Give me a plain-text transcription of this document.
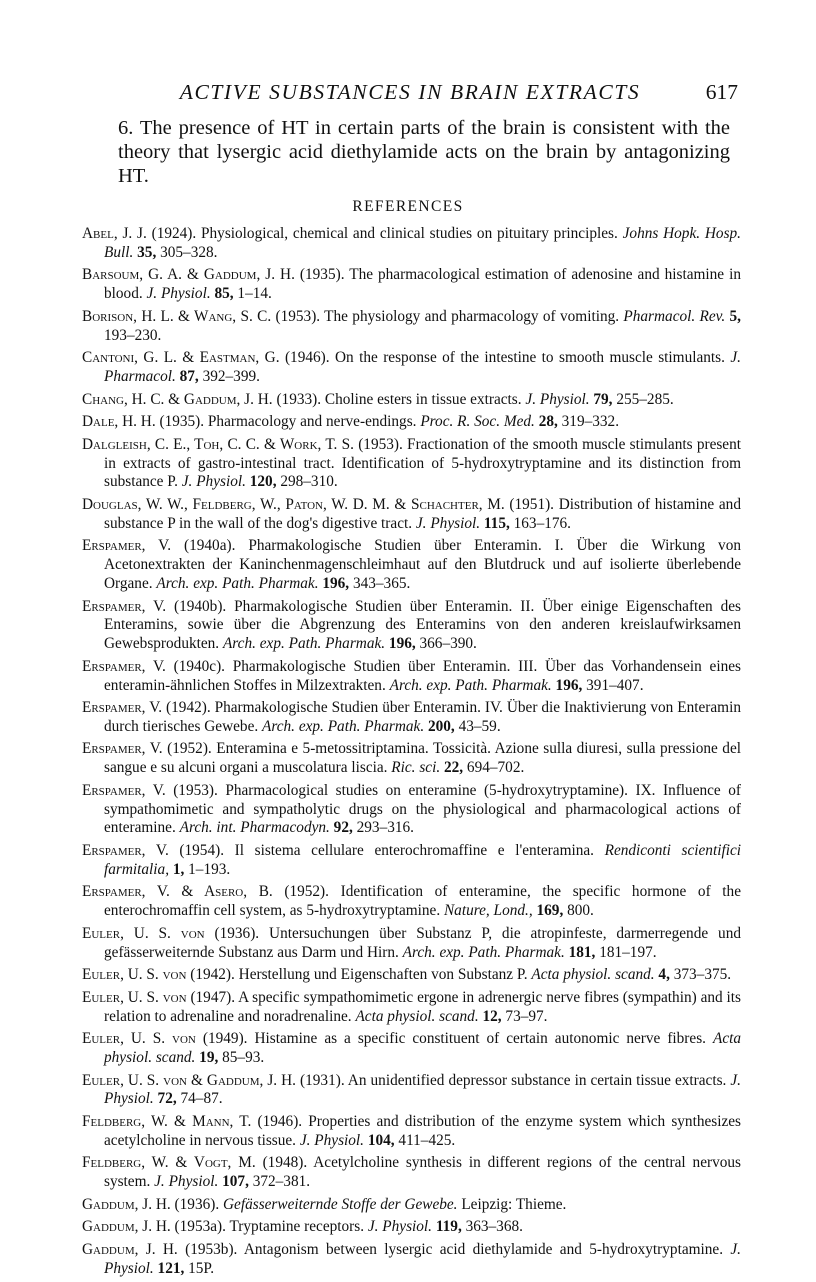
ACTIVE SUBSTANCES IN BRAIN EXTRACTS	617

6. The presence of HT in certain parts of the brain is consistent with the theory that lysergic acid diethylamide acts on the brain by antagonizing HT.

REFERENCES
Abel, J. J. (1924). Physiological, chemical and clinical studies on pituitary principles. Johns Hopk. Hosp. Bull. 35, 305–328.
Barsoum, G. A. & Gaddum, J. H. (1935). The pharmacological estimation of adenosine and histamine in blood. J. Physiol. 85, 1–14.
Borison, H. L. & Wang, S. C. (1953). The physiology and pharmacology of vomiting. Pharmacol. Rev. 5, 193–230.
Cantoni, G. L. & Eastman, G. (1946). On the response of the intestine to smooth muscle stimulants. J. Pharmacol. 87, 392–399.
Chang, H. C. & Gaddum, J. H. (1933). Choline esters in tissue extracts. J. Physiol. 79, 255–285.
Dale, H. H. (1935). Pharmacology and nerve-endings. Proc. R. Soc. Med. 28, 319–332.
Dalgleish, C. E., Toh, C. C. & Work, T. S. (1953). Fractionation of the smooth muscle stimulants present in extracts of gastro-intestinal tract. Identification of 5-hydroxytryptamine and its distinction from substance P. J. Physiol. 120, 298–310.
Douglas, W. W., Feldberg, W., Paton, W. D. M. & Schachter, M. (1951). Distribution of histamine and substance P in the wall of the dog's digestive tract. J. Physiol. 115, 163–176.
Erspamer, V. (1940a). Pharmakologische Studien über Enteramin. I. Über die Wirkung von Acetonextrakten der Kaninchenmagenschleimhaut auf den Blutdruck und auf isolierte überlebende Organe. Arch. exp. Path. Pharmak. 196, 343–365.
Erspamer, V. (1940b). Pharmakologische Studien über Enteramin. II. Über einige Eigenschaften des Enteramins, sowie über die Abgrenzung des Enteramins von den anderen kreislaufwirksamen Gewebsprodukten. Arch. exp. Path. Pharmak. 196, 366–390.
Erspamer, V. (1940c). Pharmakologische Studien über Enteramin. III. Über das Vorhandensein eines enteramin-ähnlichen Stoffes in Milzextrakten. Arch. exp. Path. Pharmak. 196, 391–407.
Erspamer, V. (1942). Pharmakologische Studien über Enteramin. IV. Über die Inaktivierung von Enteramin durch tierisches Gewebe. Arch. exp. Path. Pharmak. 200, 43–59.
Erspamer, V. (1952). Enteramina e 5-metossitriptamina. Tossicità. Azione sulla diuresi, sulla pressione del sangue e su alcuni organi a muscolatura liscia. Ric. sci. 22, 694–702.
Erspamer, V. (1953). Pharmacological studies on enteramine (5-hydroxytryptamine). IX. Influence of sympathomimetic and sympatholytic drugs on the physiological and pharmacological actions of enteramine. Arch. int. Pharmacodyn. 92, 293–316.
Erspamer, V. (1954). Il sistema cellulare enterochromaffine e l'enteramina. Rendiconti scientifici farmitalia, 1, 1–193.
Erspamer, V. & Asero, B. (1952). Identification of enteramine, the specific hormone of the enterochromaffin cell system, as 5-hydroxytryptamine. Nature, Lond., 169, 800.
Euler, U. S. von (1936). Untersuchungen über Substanz P, die atropinfeste, darmerregende und gefässerweiternde Substanz aus Darm und Hirn. Arch. exp. Path. Pharmak. 181, 181–197.
Euler, U. S. von (1942). Herstellung und Eigenschaften von Substanz P. Acta physiol. scand. 4, 373–375.
Euler, U. S. von (1947). A specific sympathomimetic ergone in adrenergic nerve fibres (sympathin) and its relation to adrenaline and noradrenaline. Acta physiol. scand. 12, 73–97.
Euler, U. S. von (1949). Histamine as a specific constituent of certain autonomic nerve fibres. Acta physiol. scand. 19, 85–93.
Euler, U. S. von & Gaddum, J. H. (1931). An unidentified depressor substance in certain tissue extracts. J. Physiol. 72, 74–87.
Feldberg, W. & Mann, T. (1946). Properties and distribution of the enzyme system which synthesizes acetylcholine in nervous tissue. J. Physiol. 104, 411–425.
Feldberg, W. & Vogt, M. (1948). Acetylcholine synthesis in different regions of the central nervous system. J. Physiol. 107, 372–381.
Gaddum, J. H. (1936). Gefässerweiternde Stoffe der Gewebe. Leipzig: Thieme.
Gaddum, J. H. (1953a). Tryptamine receptors. J. Physiol. 119, 363–368.
Gaddum, J. H. (1953b). Antagonism between lysergic acid diethylamide and 5-hydroxytryptamine. J. Physiol. 121, 15P.
